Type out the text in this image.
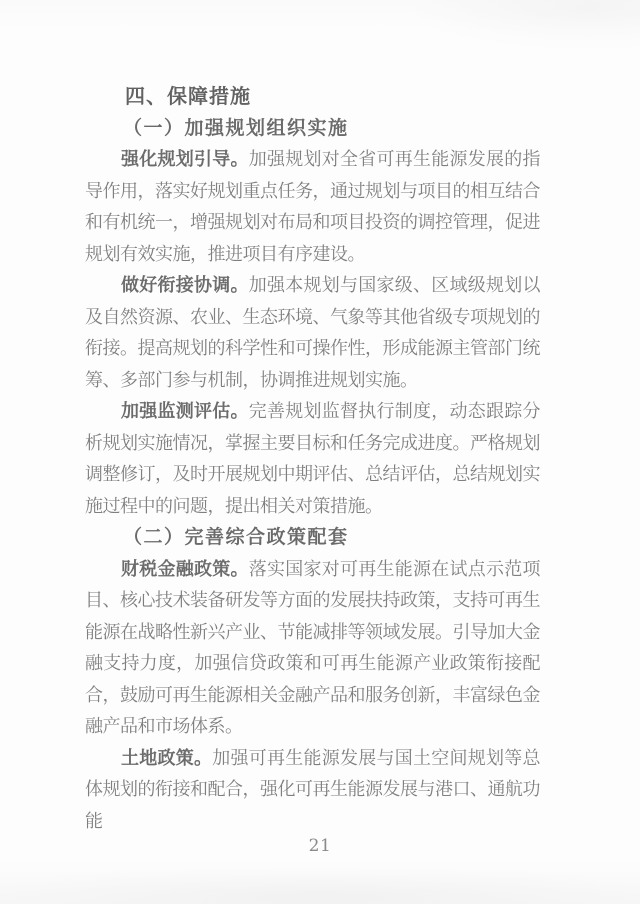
四、保障措施
（一）加强规划组织实施

强化规划引导。加强规划对全省可再生能源发展的指导作用，落实好规划重点任务，通过规划与项目的相互结合和有机统一，增强规划对布局和项目投资的调控管理，促进规划有效实施，推进项目有序建设。

做好衔接协调。加强本规划与国家级、区域级规划以及自然资源、农业、生态环境、气象等其他省级专项规划的衔接。提高规划的科学性和可操作性，形成能源主管部门统筹、多部门参与机制，协调推进规划实施。

加强监测评估。完善规划监督执行制度，动态跟踪分析规划实施情况，掌握主要目标和任务完成进度。严格规划调整修订，及时开展规划中期评估、总结评估，总结规划实施过程中的问题，提出相关对策措施。

（二）完善综合政策配套

财税金融政策。落实国家对可再生能源在试点示范项目、核心技术装备研发等方面的发展扶持政策，支持可再生能源在战略性新兴产业、节能减排等领域发展。引导加大金融支持力度，加强信贷政策和可再生能源产业政策衔接配合，鼓励可再生能源相关金融产品和服务创新，丰富绿色金融产品和市场体系。

土地政策。加强可再生能源发展与国土空间规划等总体规划的衔接和配合，强化可再生能源发展与港口、通航功能

21
